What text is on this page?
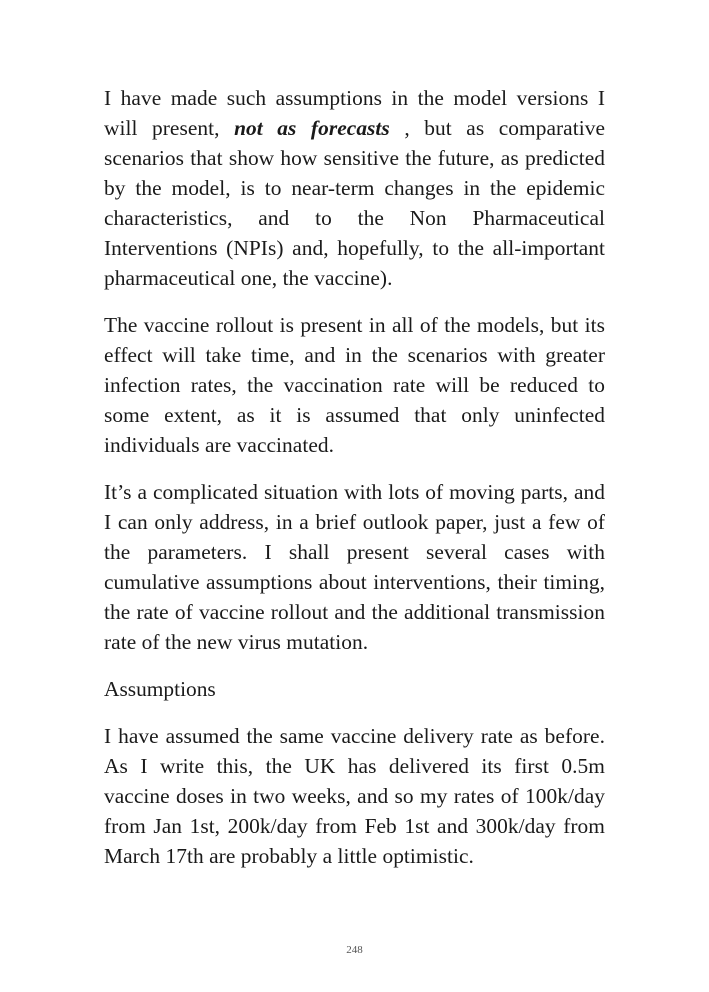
I have made such assumptions in the model versions I will present, not as forecasts , but as comparative scenarios that show how sensitive the future, as predicted by the model, is to near-term changes in the epidemic characteristics, and to the Non Pharmaceutical Interventions (NPIs) and, hopefully, to the all-important pharmaceutical one, the vaccine).

The vaccine rollout is present in all of the models, but its effect will take time, and in the scenarios with greater infection rates, the vaccination rate will be reduced to some extent, as it is assumed that only uninfected individuals are vaccinated.

It’s a complicated situation with lots of moving parts, and I can only address, in a brief outlook paper, just a few of the parameters. I shall present several cases with cumulative assumptions about interventions, their timing, the rate of vaccine rollout and the additional transmission rate of the new virus mutation.

Assumptions

I have assumed the same vaccine delivery rate as before. As I write this, the UK has delivered its first 0.5m vaccine doses in two weeks, and so my rates of 100k/day from Jan 1st, 200k/day from Feb 1st and 300k/day from March 17th are probably a little optimistic.

248
